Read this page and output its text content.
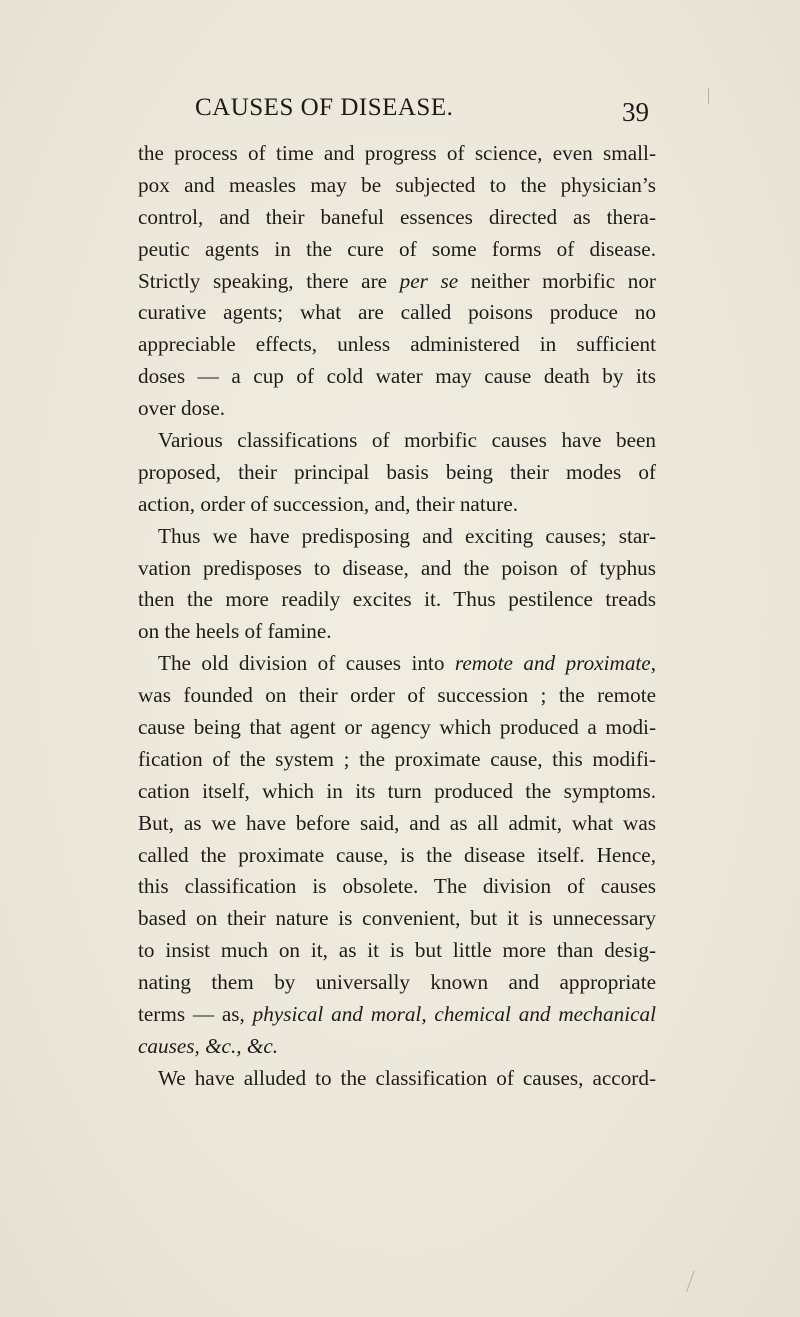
CAUSES OF DISEASE.	39
the process of time and progress of science, even small-
pox and measles may be subjected to the physician’s
control, and their baneful essences directed as thera-
peutic agents in the cure of some forms of disease.
Strictly speaking, there are per se neither morbific nor
curative agents; what are called poisons produce no
appreciable effects, unless administered in sufficient
doses — a cup of cold water may cause death by its
over dose.
Various classifications of morbific causes have been
proposed, their principal basis being their modes of
action, order of succession, and, their nature.
Thus we have predisposing and exciting causes; star-
vation predisposes to disease, and the poison of typhus
then the more readily excites it. Thus pestilence treads
on the heels of famine.
The old division of causes into remote and proximate,
was founded on their order of succession ; the remote
cause being that agent or agency which produced a modi-
fication of the system ; the proximate cause, this modifi-
cation itself, which in its turn produced the symptoms.
But, as we have before said, and as all admit, what was
called the proximate cause, is the disease itself. Hence,
this classification is obsolete. The division of causes
based on their nature is convenient, but it is unnecessary
to insist much on it, as it is but little more than desig-
nating them by universally known and appropriate
terms — as, physical and moral, chemical and mechanical
causes, &c., &c.
We have alluded to the classification of causes, accord-
